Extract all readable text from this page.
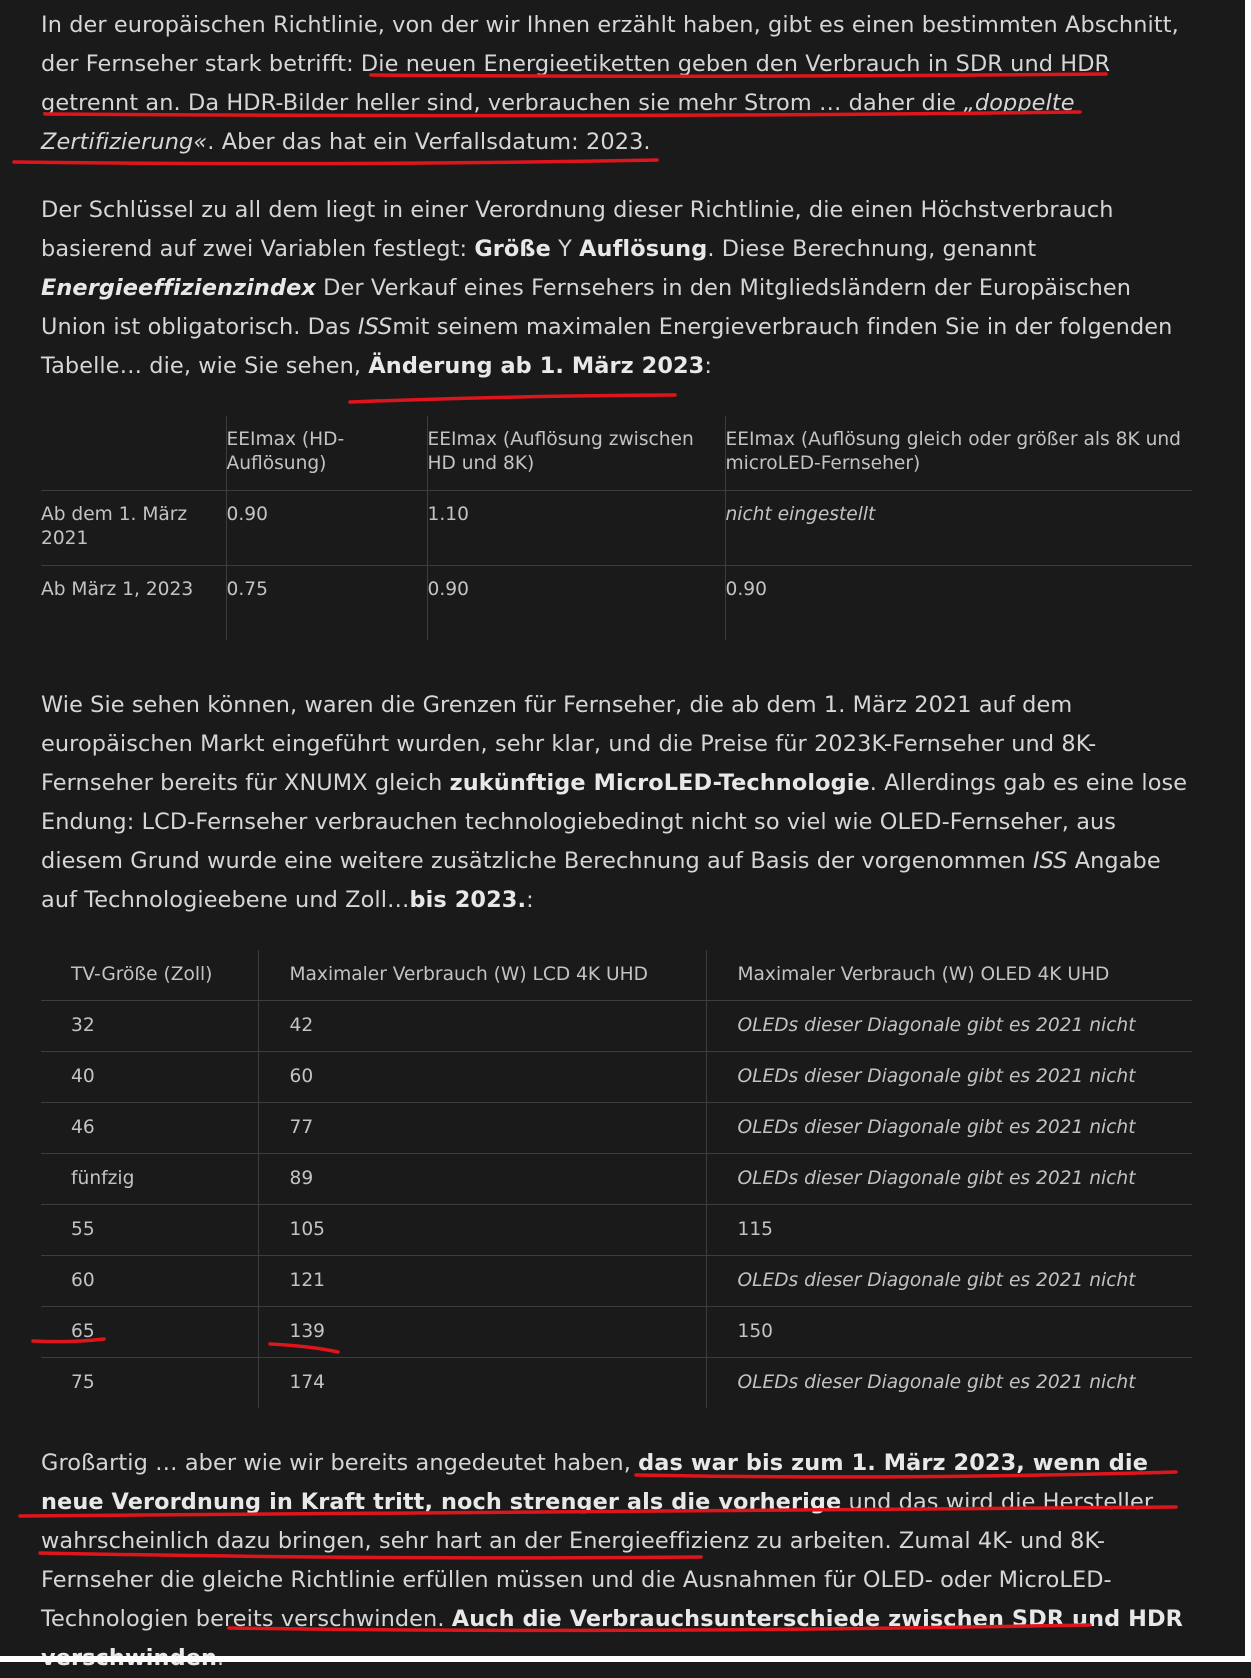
In der europäischen Richtlinie, von der wir Ihnen erzählt haben, gibt es einen bestimmten Abschnitt, der Fernseher stark betrifft: Die neuen Energieetiketten geben den Verbrauch in SDR und HDR getrennt an. Da HDR-Bilder heller sind, verbrauchen sie mehr Strom … daher die „doppelte Zertifizierung«. Aber das hat ein Verfallsdatum: 2023.

Der Schlüssel zu all dem liegt in einer Verordnung dieser Richtlinie, die einen Höchstverbrauch basierend auf zwei Variablen festlegt: Größe Y Auflösung. Diese Berechnung, genannt Energieeffizienzindex Der Verkauf eines Fernsehers in den Mitgliedsländern der Europäischen Union ist obligatorisch. Das ISSmit seinem maximalen Energieverbrauch finden Sie in der folgenden Tabelle… die, wie Sie sehen, Änderung ab 1. März 2023:

	EEImax (HD-Auflösung)	EEImax (Auflösung zwischen HD und 8K)	EEImax (Auflösung gleich oder größer als 8K und microLED-Fernseher)
Ab dem 1. März 2021	0.90	1.10	nicht eingestellt
Ab März 1, 2023	0.75	0.90	0.90

Wie Sie sehen können, waren die Grenzen für Fernseher, die ab dem 1. März 2021 auf dem europäischen Markt eingeführt wurden, sehr klar, und die Preise für 2023K-Fernseher und 8K-Fernseher bereits für XNUMX gleich zukünftige MicroLED-Technologie. Allerdings gab es eine lose Endung: LCD-Fernseher verbrauchen technologiebedingt nicht so viel wie OLED-Fernseher, aus diesem Grund wurde eine weitere zusätzliche Berechnung auf Basis der vorgenommen ISS Angabe auf Technologieebene und Zoll…bis 2023.:

TV-Größe (Zoll)	Maximaler Verbrauch (W) LCD 4K UHD	Maximaler Verbrauch (W) OLED 4K UHD
32	42	OLEDs dieser Diagonale gibt es 2021 nicht
40	60	OLEDs dieser Diagonale gibt es 2021 nicht
46	77	OLEDs dieser Diagonale gibt es 2021 nicht
fünfzig	89	OLEDs dieser Diagonale gibt es 2021 nicht
55	105	115
60	121	OLEDs dieser Diagonale gibt es 2021 nicht
65	139	150
75	174	OLEDs dieser Diagonale gibt es 2021 nicht

Großartig … aber wie wir bereits angedeutet haben, das war bis zum 1. März 2023, wenn die neue Verordnung in Kraft tritt, noch strenger als die vorherige und das wird die Hersteller wahrscheinlich dazu bringen, sehr hart an der Energieeffizienz zu arbeiten. Zumal 4K- und 8K-Fernseher die gleiche Richtlinie erfüllen müssen und die Ausnahmen für OLED- oder MicroLED-Technologien bereits verschwinden. Auch die Verbrauchsunterschiede zwischen SDR und HDR
